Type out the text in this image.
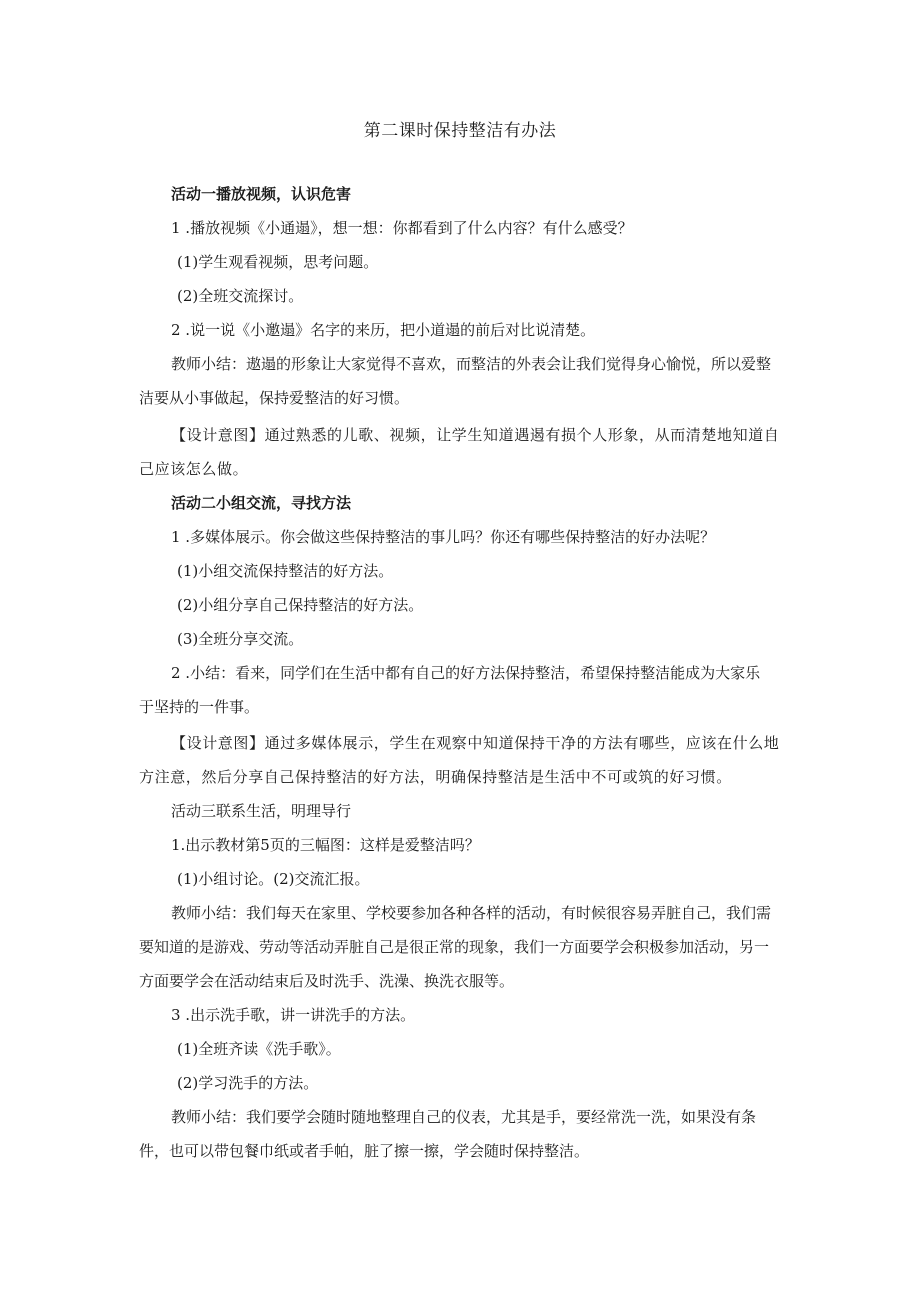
第二课时保持整洁有办法
活动一播放视频，认识危害
1 .播放视频《小通遢》，想一想：你都看到了什么内容？有什么感受？
(1)学生观看视频，思考问题。
(2)全班交流探讨。
2 .说一说《小邀遢》名字的来历，把小道遢的前后对比说清楚。
教师小结：遨遢的形象让大家觉得不喜欢，而整洁的外表会让我们觉得身心愉悦，所以爱整
洁要从小事做起，保持爱整洁的好习惯。
【设计意图】通过熟悉的儿歌、视频，让学生知道遇遏有损个人形象，从而清楚地知道自
己应该怎么做。
活动二小组交流，寻找方法
1 .多媒体展示。你会做这些保持整洁的事儿吗？你还有哪些保持整洁的好办法呢？
(1)小组交流保持整洁的好方法。
(2)小组分享自己保持整洁的好方法。
(3)全班分享交流。
2 .小结：看来，同学们在生活中都有自己的好方法保持整洁，希望保持整洁能成为大家乐
于坚持的一件事。
【设计意图】通过多媒体展示，学生在观察中知道保持干净的方法有哪些，应该在什么地
方注意，然后分享自己保持整洁的好方法，明确保持整洁是生活中不可或筑的好习惯。
活动三联系生活，明理导行
1.出示教材第5页的三幅图：这样是爱整洁吗？
(1)小组讨论。(2)交流汇报。
教师小结：我们每天在家里、学校要参加各种各样的活动，有时候很容易弄脏自己，我们需
要知道的是游戏、劳动等活动弄脏自己是很正常的现象，我们一方面要学会积极参加活动，另一
方面要学会在活动结束后及时洗手、洗澡、换洗衣服等。
3 .出示洗手歌，讲一讲洗手的方法。
(1)全班齐读《洗手歌》。
(2)学习洗手的方法。
教师小结：我们要学会随时随地整理自己的仪表，尤其是手，要经常洗一洗，如果没有条
件，也可以带包餐巾纸或者手帕，脏了擦一擦，学会随时保持整洁。
